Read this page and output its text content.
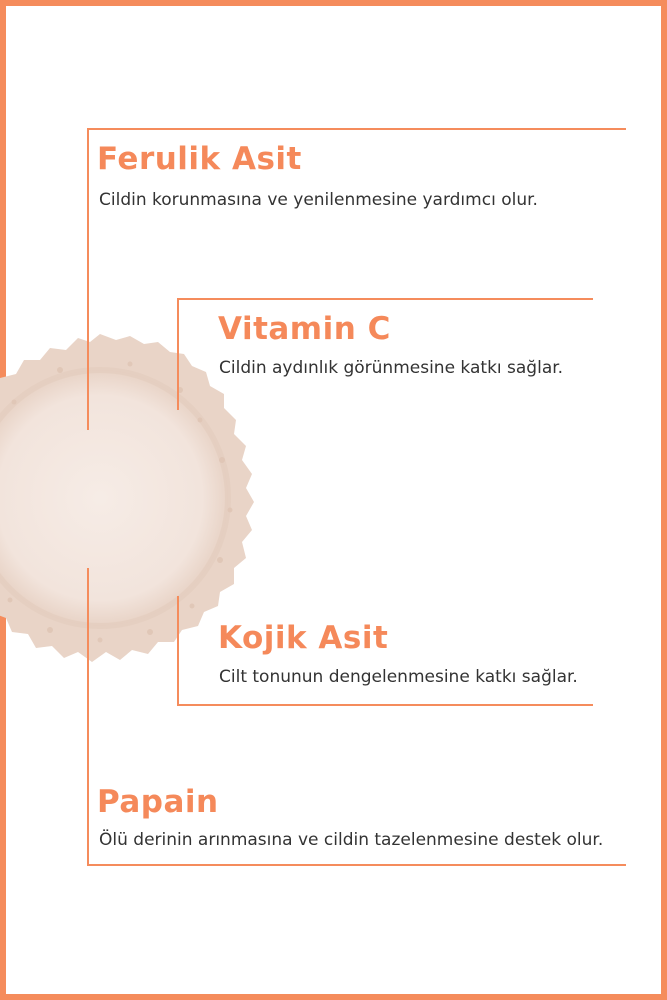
Ferulik Asit

Cildin korunmasına ve yenilenmesine yardımcı olur.

Vitamin C

Cildin aydınlık görünmesine katkı sağlar.

Kojik Asit

Cilt tonunun dengelenmesine katkı sağlar.

Papain

Ölü derinin arınmasına ve cildin tazelenmesine destek olur.
